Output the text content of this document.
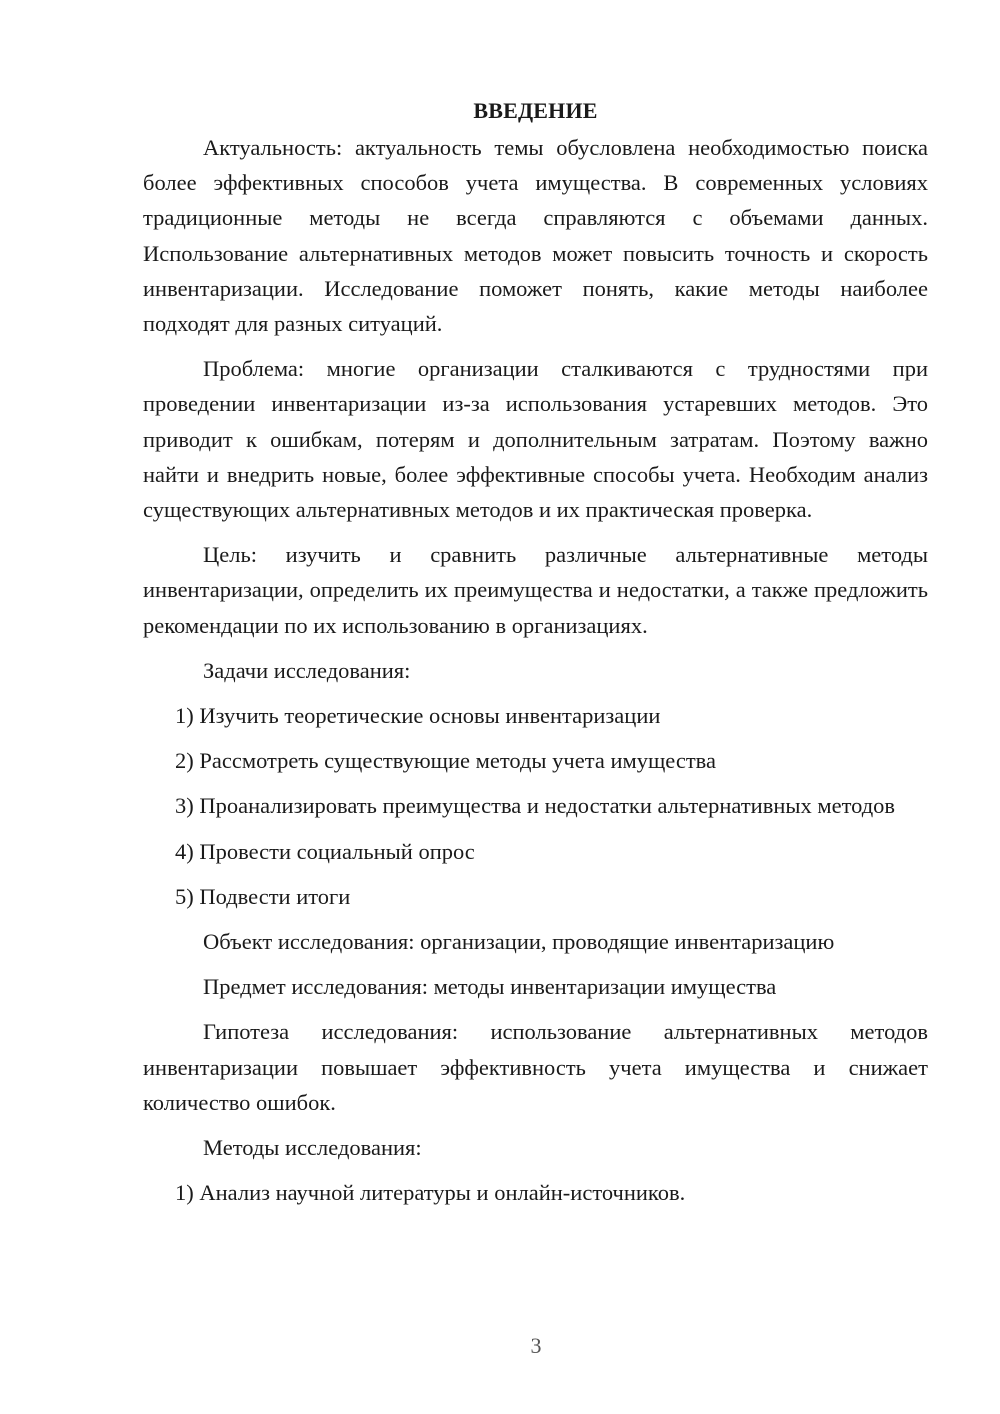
ВВЕДЕНИЕ

Актуальность: актуальность темы обусловлена необходимостью поиска более эффективных способов учета имущества. В современных условиях традиционные методы не всегда справляются с объемами данных. Использование альтернативных методов может повысить точность и скорость инвентаризации. Исследование поможет понять, какие методы наиболее подходят для разных ситуаций.

Проблема: многие организации сталкиваются с трудностями при проведении инвентаризации из-за использования устаревших методов. Это приводит к ошибкам, потерям и дополнительным затратам. Поэтому важно найти и внедрить новые, более эффективные способы учета. Необходим анализ существующих альтернативных методов и их практическая проверка.

Цель: изучить и сравнить различные альтернативные методы инвентаризации, определить их преимущества и недостатки, а также предложить рекомендации по их использованию в организациях.

Задачи исследования:
1) Изучить теоретические основы инвентаризации
2) Рассмотреть существующие методы учета имущества
3) Проанализировать преимущества и недостатки альтернативных методов
4) Провести социальный опрос
5) Подвести итоги
Объект исследования: организации, проводящие инвентаризацию
Предмет исследования: методы инвентаризации имущества

Гипотеза исследования: использование альтернативных методов инвентаризации повышает эффективность учета имущества и снижает количество ошибок.

Методы исследования:
1) Анализ научной литературы и онлайн-источников.
3
